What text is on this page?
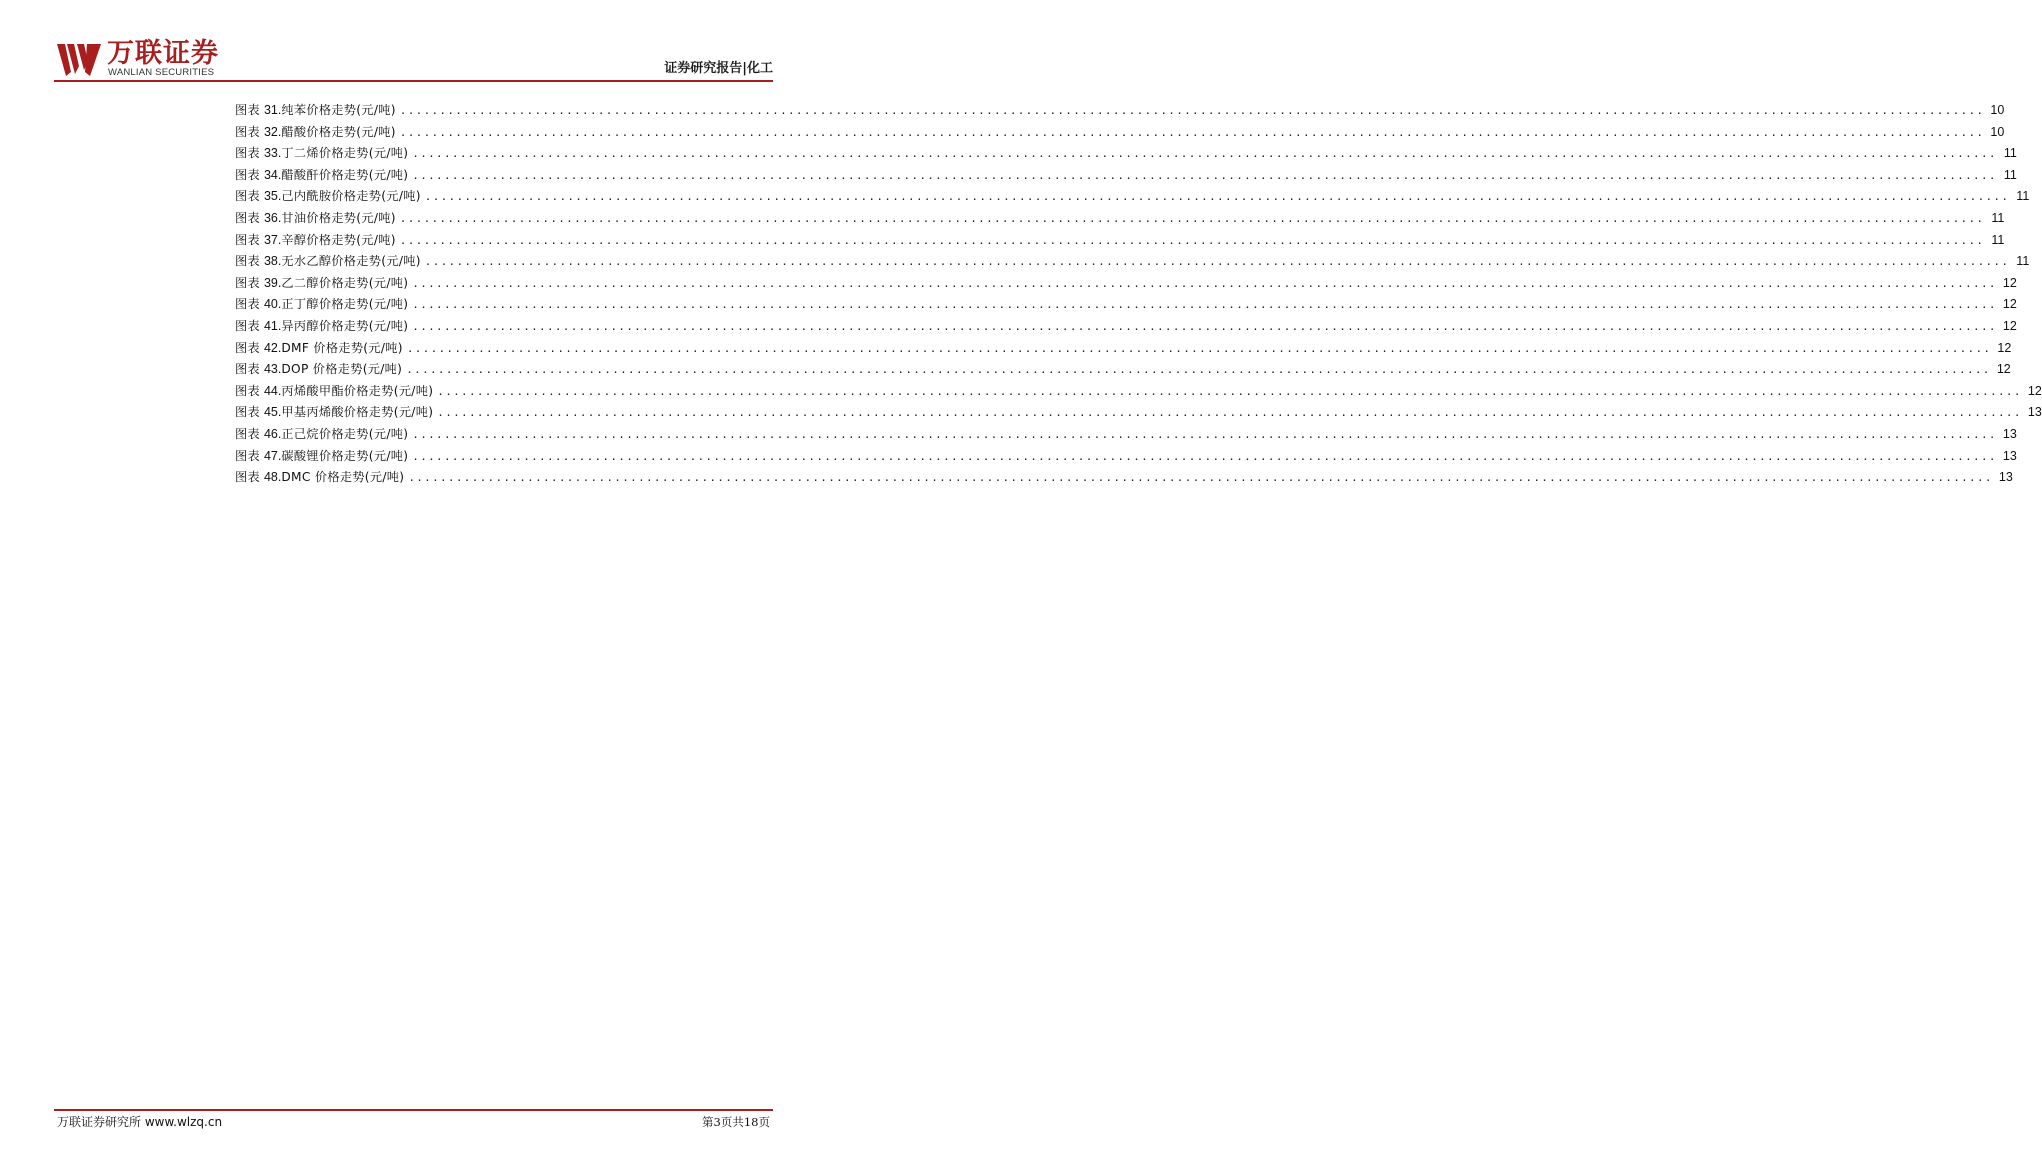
万联证券
WANLIAN SECURITIES	证券研究报告|化工
图表 31. 纯苯价格走势(元/吨) ........................................................................................................................................................................................................ 10
图表 32. 醋酸价格走势(元/吨) ........................................................................................................................................................................................................ 10
图表 33. 丁二烯价格走势(元/吨) ........................................................................................................................................................................................................ 11
图表 34. 醋酸酐价格走势(元/吨) ........................................................................................................................................................................................................ 11
图表 35. 己内酰胺价格走势(元/吨) ........................................................................................................................................................................................................ 11
图表 36. 甘油价格走势(元/吨) ........................................................................................................................................................................................................ 11
图表 37. 辛醇价格走势(元/吨) ........................................................................................................................................................................................................ 11
图表 38. 无水乙醇价格走势(元/吨) ........................................................................................................................................................................................................ 11
图表 39. 乙二醇价格走势(元/吨) ........................................................................................................................................................................................................ 12
图表 40. 正丁醇价格走势(元/吨) ........................................................................................................................................................................................................ 12
图表 41. 异丙醇价格走势(元/吨) ........................................................................................................................................................................................................ 12
图表 42. DMF 价格走势(元/吨) ........................................................................................................................................................................................................ 12
图表 43. DOP 价格走势(元/吨) ........................................................................................................................................................................................................ 12
图表 44. 丙烯酸甲酯价格走势(元/吨) ........................................................................................................................................................................................................ 12
图表 45. 甲基丙烯酸价格走势(元/吨) ........................................................................................................................................................................................................ 13
图表 46. 正己烷价格走势(元/吨) ........................................................................................................................................................................................................ 13
图表 47. 碳酸锂价格走势(元/吨) ........................................................................................................................................................................................................ 13
图表 48. DMC 价格走势(元/吨) ........................................................................................................................................................................................................ 13
万联证券研究所 www.wlzq.cn	第3页共18页
